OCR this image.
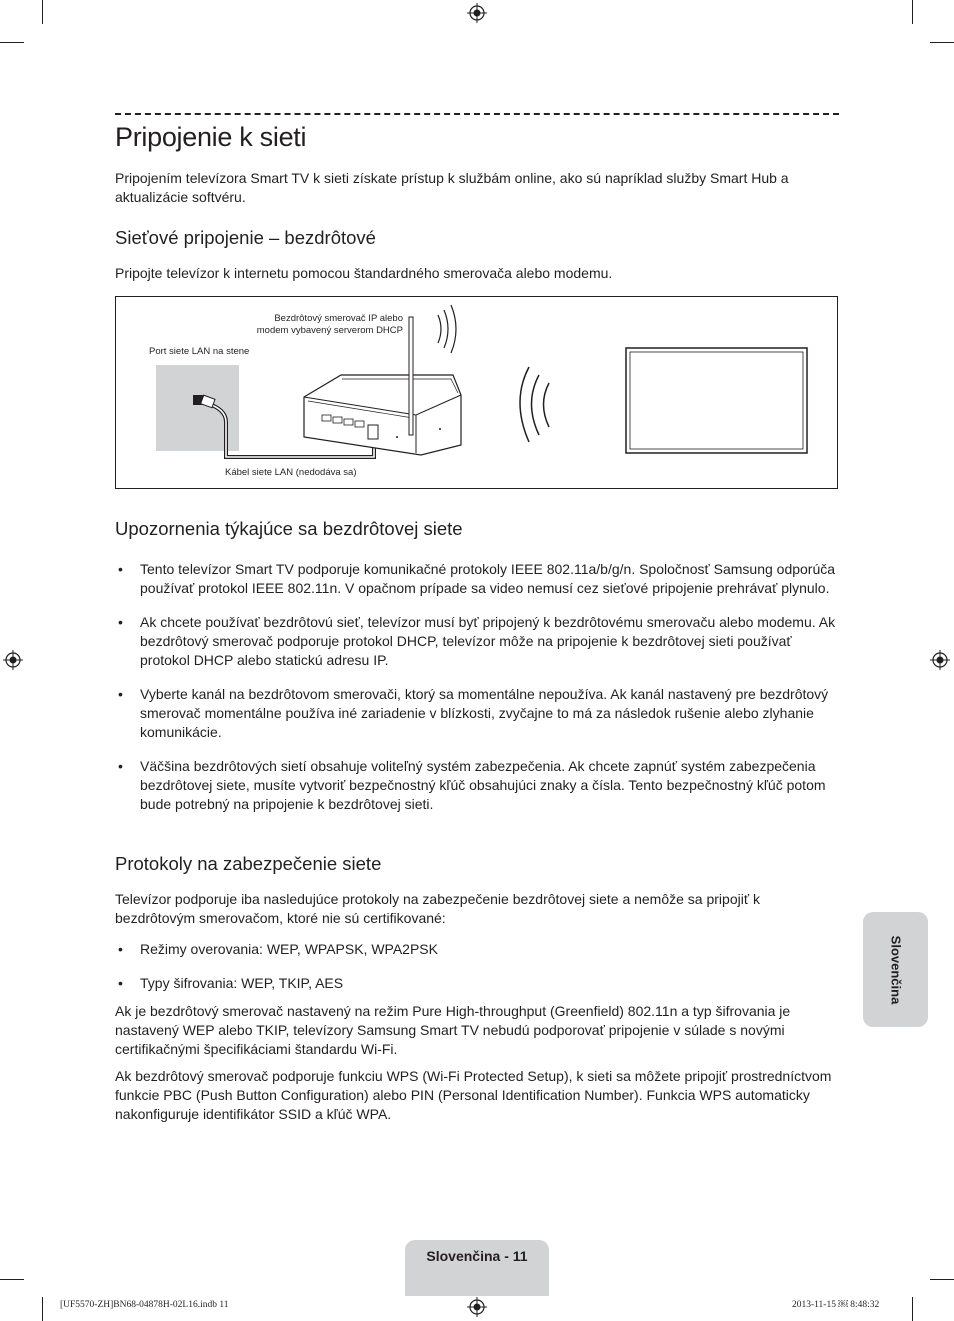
Pripojenie k sieti

Pripojením televízora Smart TV k sieti získate prístup k službám online, ako sú napríklad služby Smart Hub a aktualizácie softvéru.

Sieťové pripojenie – bezdrôtové

Pripojte televízor k internetu pomocou štandardného smerovača alebo modemu.

Bezdrôtový smerovač IP alebo
modem vybavený serverom DHCP
Port siete LAN na stene
Kábel siete LAN (nedodáva sa)
Upozornenia týkajúce sa bezdrôtovej siete
• Tento televízor Smart TV podporuje komunikačné protokoly IEEE 802.11a/b/g/n. Spoločnosť Samsung odporúča používať protokol IEEE 802.11n. V opačnom prípade sa video nemusí cez sieťové pripojenie prehrávať plynulo.
• Ak chcete používať bezdrôtovú sieť, televízor musí byť pripojený k bezdrôtovému smerovaču alebo modemu. Ak bezdrôtový smerovač podporuje protokol DHCP, televízor môže na pripojenie k bezdrôtovej sieti používať protokol DHCP alebo statickú adresu IP.
• Vyberte kanál na bezdrôtovom smerovači, ktorý sa momentálne nepoužíva. Ak kanál nastavený pre bezdrôtový smerovač momentálne používa iné zariadenie v blízkosti, zvyčajne to má za následok rušenie alebo zlyhanie komunikácie.
• Väčšina bezdrôtových sietí obsahuje voliteľný systém zabezpečenia. Ak chcete zapnúť systém zabezpečenia bezdrôtovej siete, musíte vytvoriť bezpečnostný kľúč obsahujúci znaky a čísla. Tento bezpečnostný kľúč potom bude potrebný na pripojenie k bezdrôtovej sieti.
Protokoly na zabezpečenie siete

Televízor podporuje iba nasledujúce protokoly na zabezpečenie bezdrôtovej siete a nemôže sa pripojiť k bezdrôtovým smerovačom, ktoré nie sú certifikované:

• Režimy overovania: WEP, WPAPSK, WPA2PSK
• Typy šifrovania: WEP, TKIP, AES

Ak je bezdrôtový smerovač nastavený na režim Pure High-throughput (Greenfield) 802.11n a typ šifrovania je nastavený WEP alebo TKIP, televízory Samsung Smart TV nebudú podporovať pripojenie v súlade s novými certifikačnými špecifikáciami štandardu Wi-Fi.

Ak bezdrôtový smerovač podporuje funkciu WPS (Wi-Fi Protected Setup), k sieti sa môžete pripojiť prostredníctvom funkcie PBC (Push Button Configuration) alebo PIN (Personal Identification Number). Funkcia WPS automaticky nakonfiguruje identifikátor SSID a kľúč WPA.

Slovenčina
Slovenčina - 11
[UF5570-ZH]BN68-04878H-02L16.indb 11	2013-11-15 ￼ 8:48:32
